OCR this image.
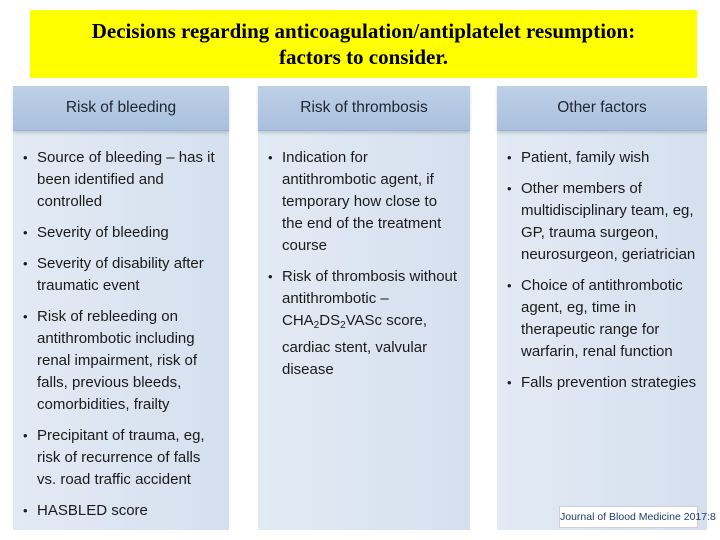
Decisions regarding anticoagulation/antiplatelet resumption:
factors to consider.
Risk of bleeding
• Source of bleeding – has it been identified and controlled
• Severity of bleeding
• Severity of disability after traumatic event
• Risk of rebleeding on antithrombotic including renal impairment, risk of falls, previous bleeds, comorbidities, frailty
• Precipitant of trauma, eg, risk of recurrence of falls vs. road traffic accident
• HASBLED score
Risk of thrombosis
• Indication for antithrombotic agent, if temporary how close to the end of the treatment course
• Risk of thrombosis without antithrombotic – $CHA_2DS_2VASc$ score, cardiac stent, valvular disease
Other factors
• Patient, family wish
• Other members of multidisciplinary team, eg, GP, trauma surgeon, neurosurgeon, geriatrician
• Choice of antithrombotic agent, eg, time in therapeutic range for warfarin, renal function
• Falls prevention strategies
Journal of Blood Medicine 2017:8
